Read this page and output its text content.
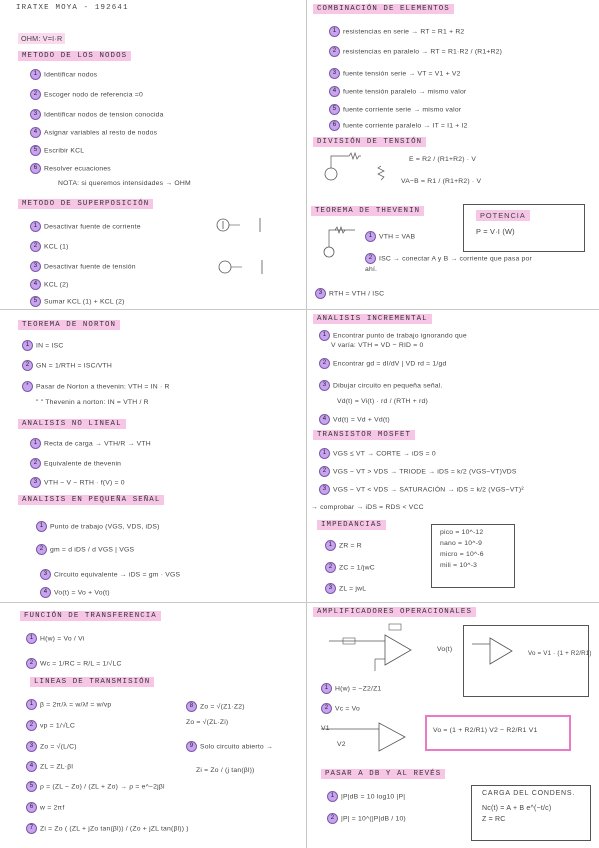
IRATXE MOYA - 192641
OHM: V=I·R
METODO DE LOS NODOS
1 Identificar nodos
2 Escoger nodo de referencia =0
3 Identificar nodos de tension conocida
4 Asignar variables al resto de nodos
5 Escribir KCL
6 Resolver ecuaciones
NOTA: si queremos intensidades → OHM
METODO DE SUPERPOSICIÓN
1 Desactivar fuente de corriente
2 KCL (1)
3 Desactivar fuente de tensión
4 KCL (2)
5 Sumar KCL (1) + KCL (2)
COMBINACIÓN DE ELEMENTOS
1 resistencias en serie → RT = R1 + R2
2 resistencias en paralelo → RT = R1·R2 / (R1+R2)
3 fuente tensión serie → VT = V1 + V2
4 fuente tensión paralelo → mismo valor
5 fuente corriente serie → mismo valor
6 fuente corriente paralelo → IT = I1 + I2
DIVISIÓN DE TENSIÓN
E = R2 / (R1+R2) · V
VA−B = R1 / (R1+R2) · V
TEOREMA DE THEVENIN
1 VTH = VAB
2 ISC → conectar A y B → corriente que pasa por ahí.
3 RTH = VTH / ISC
POTENCIA
P = V·I (W)
TEOREMA DE NORTON
1 IN = ISC
2 GN = 1/RTH = ISC/VTH
* Pasar de Norton a thevenin: VTH = IN · R
" " Thevenin a norton: IN = VTH / R
ANALISIS NO LINEAL
1 Recta de carga → VTH/R → VTH
2 Equivalente de thevenin
3 VTH − V − RTH · f(V) = 0
ANALISIS EN PEQUEÑA SEÑAL
1 Punto de trabajo (VGS, VDS, iDS)
2 gm = d iDS / d VGS | VGS
3 Circuito equivalente → iDS = gm · VGS
4 Vo(t) = Vo + Vo(t)
ANALISIS INCREMENTAL
1 Encontrar punto de trabajo ignorando que
V varía: VTH = VD − RID = 0
2 Encontrar gd = dI/dV | VD rd = 1/gd
3 Dibujar circuito en pequeña señal.
Vd(t) = Vi(t) · rd / (RTH + rd)
4 Vd(t) = Vd + Vd(t)
TRANSISTOR MOSFET
1 VGS ≤ VT → CORTE → iDS = 0
2 VGS − VT > VDS → TRIODE → iDS = k/2 (VGS−VT)VDS
3 VGS − VT < VDS → SATURACIÓN → iDS = k/2 (VGS−VT)²
→ comprobar → iDS = RDS < VCC
IMPEDANCIAS
1 ZR = R
2 ZC = 1/jwC
3 ZL = jwL
pico = 10^-12
nano = 10^-9
micro = 10^-6
mili = 10^-3
FUNCIÓN DE TRANSFERENCIA
1 H(w) = Vo / Vi
2 Wc = 1/RC = R/L = 1/√LC
LINEAS DE TRANSMISIÓN
1 β = 2π/λ = w/λf = w/vp
2 vp = 1/√LC
3 Zo = √(L/C)
4 ZL = ZL·βl
5 ρ = (ZL − Zo) / (ZL + Zo) → ρ = e^−2jβl
6 w = 2πf
7 Zi = Zo ( (ZL + jZo tan(βl)) / (Zo + jZL tan(βl)) )
8 Zo = √(Z1·Z2)
Zo = √(ZL·Zi)
9 Solo circuito abierto →
Zi = Zo / (j tan(βl))
AMPLIFICADORES OPERACIONALES
Vo(t)
1 H(w) = −Z2/Z1
2 Vc = Vo
V1
V2
Vo = (1 + R2/R1) V2 − R2/R1 V1
Vo = V1 · (1 + R2/R1)
PASAR A DB Y AL REVÉS
1 |P|dB = 10 log10 |P|
2 |P| = 10^(|P|dB / 10)
CARGA DEL CONDENS.
Nc(t) = A + B e^(−t/c)
Z = RC
